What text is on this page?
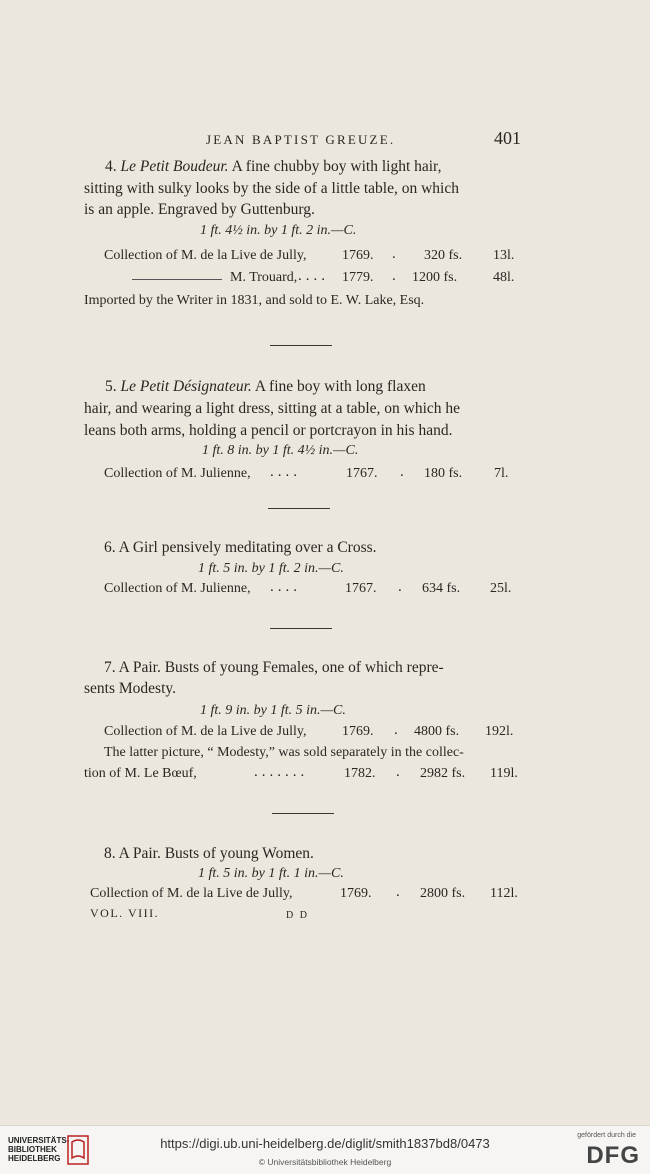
JEAN BAPTIST GREUZE.	401
4. Le Petit Boudeur. A fine chubby boy with light hair,
sitting with sulky looks by the side of a little table, on which
is an apple. Engraved by Guttenburg.
1 ft. 4½ in. by 1 ft. 2 in.—C.
Collection of M. de la Live de Jully,	1769. . 320 fs. 13l.
M. Trouard, .... 1779. . 1200 fs.	48l.
Imported by the Writer in 1831, and sold to E. W. Lake, Esq.
5. Le Petit Désignateur. A fine boy with long flaxen
hair, and wearing a light dress, sitting at a table, on which he
leans both arms, holding a pencil or portcrayon in his hand.
1 ft. 8 in. by 1 ft. 4½ in.—C.
Collection of M. Julienne, ....	1767. . 180 fs. 7l.
6. A Girl pensively meditating over a Cross.
1 ft. 5 in. by 1 ft. 2 in.—C.
Collection of M. Julienne, ....	1767. . 634 fs. 25l.
7. A Pair. Busts of young Females, one of which repre-
sents Modesty.
1 ft. 9 in. by 1 ft. 5 in.—C.
Collection of M. de la Live de Jully,	1769. . 4800 fs. 192l.
The latter picture, “ Modesty,” was sold separately in the collec-
tion of M. Le Bœuf,	.......	1782. . 2982 fs. 119l.
8. A Pair. Busts of young Women.
1 ft. 5 in. by 1 ft. 1 in.—C.
Collection of M. de la Live de Jully,	1769. . 2800 fs. 112l.
VOL. VIII.	D D
UNIVERSITÄTS-
BIBLIOTHEK
HEIDELBERG
https://digi.ub.uni-heidelberg.de/diglit/smith1837bd8/0473
© Universitätsbibliothek Heidelberg
gefördert durch die
DFG
